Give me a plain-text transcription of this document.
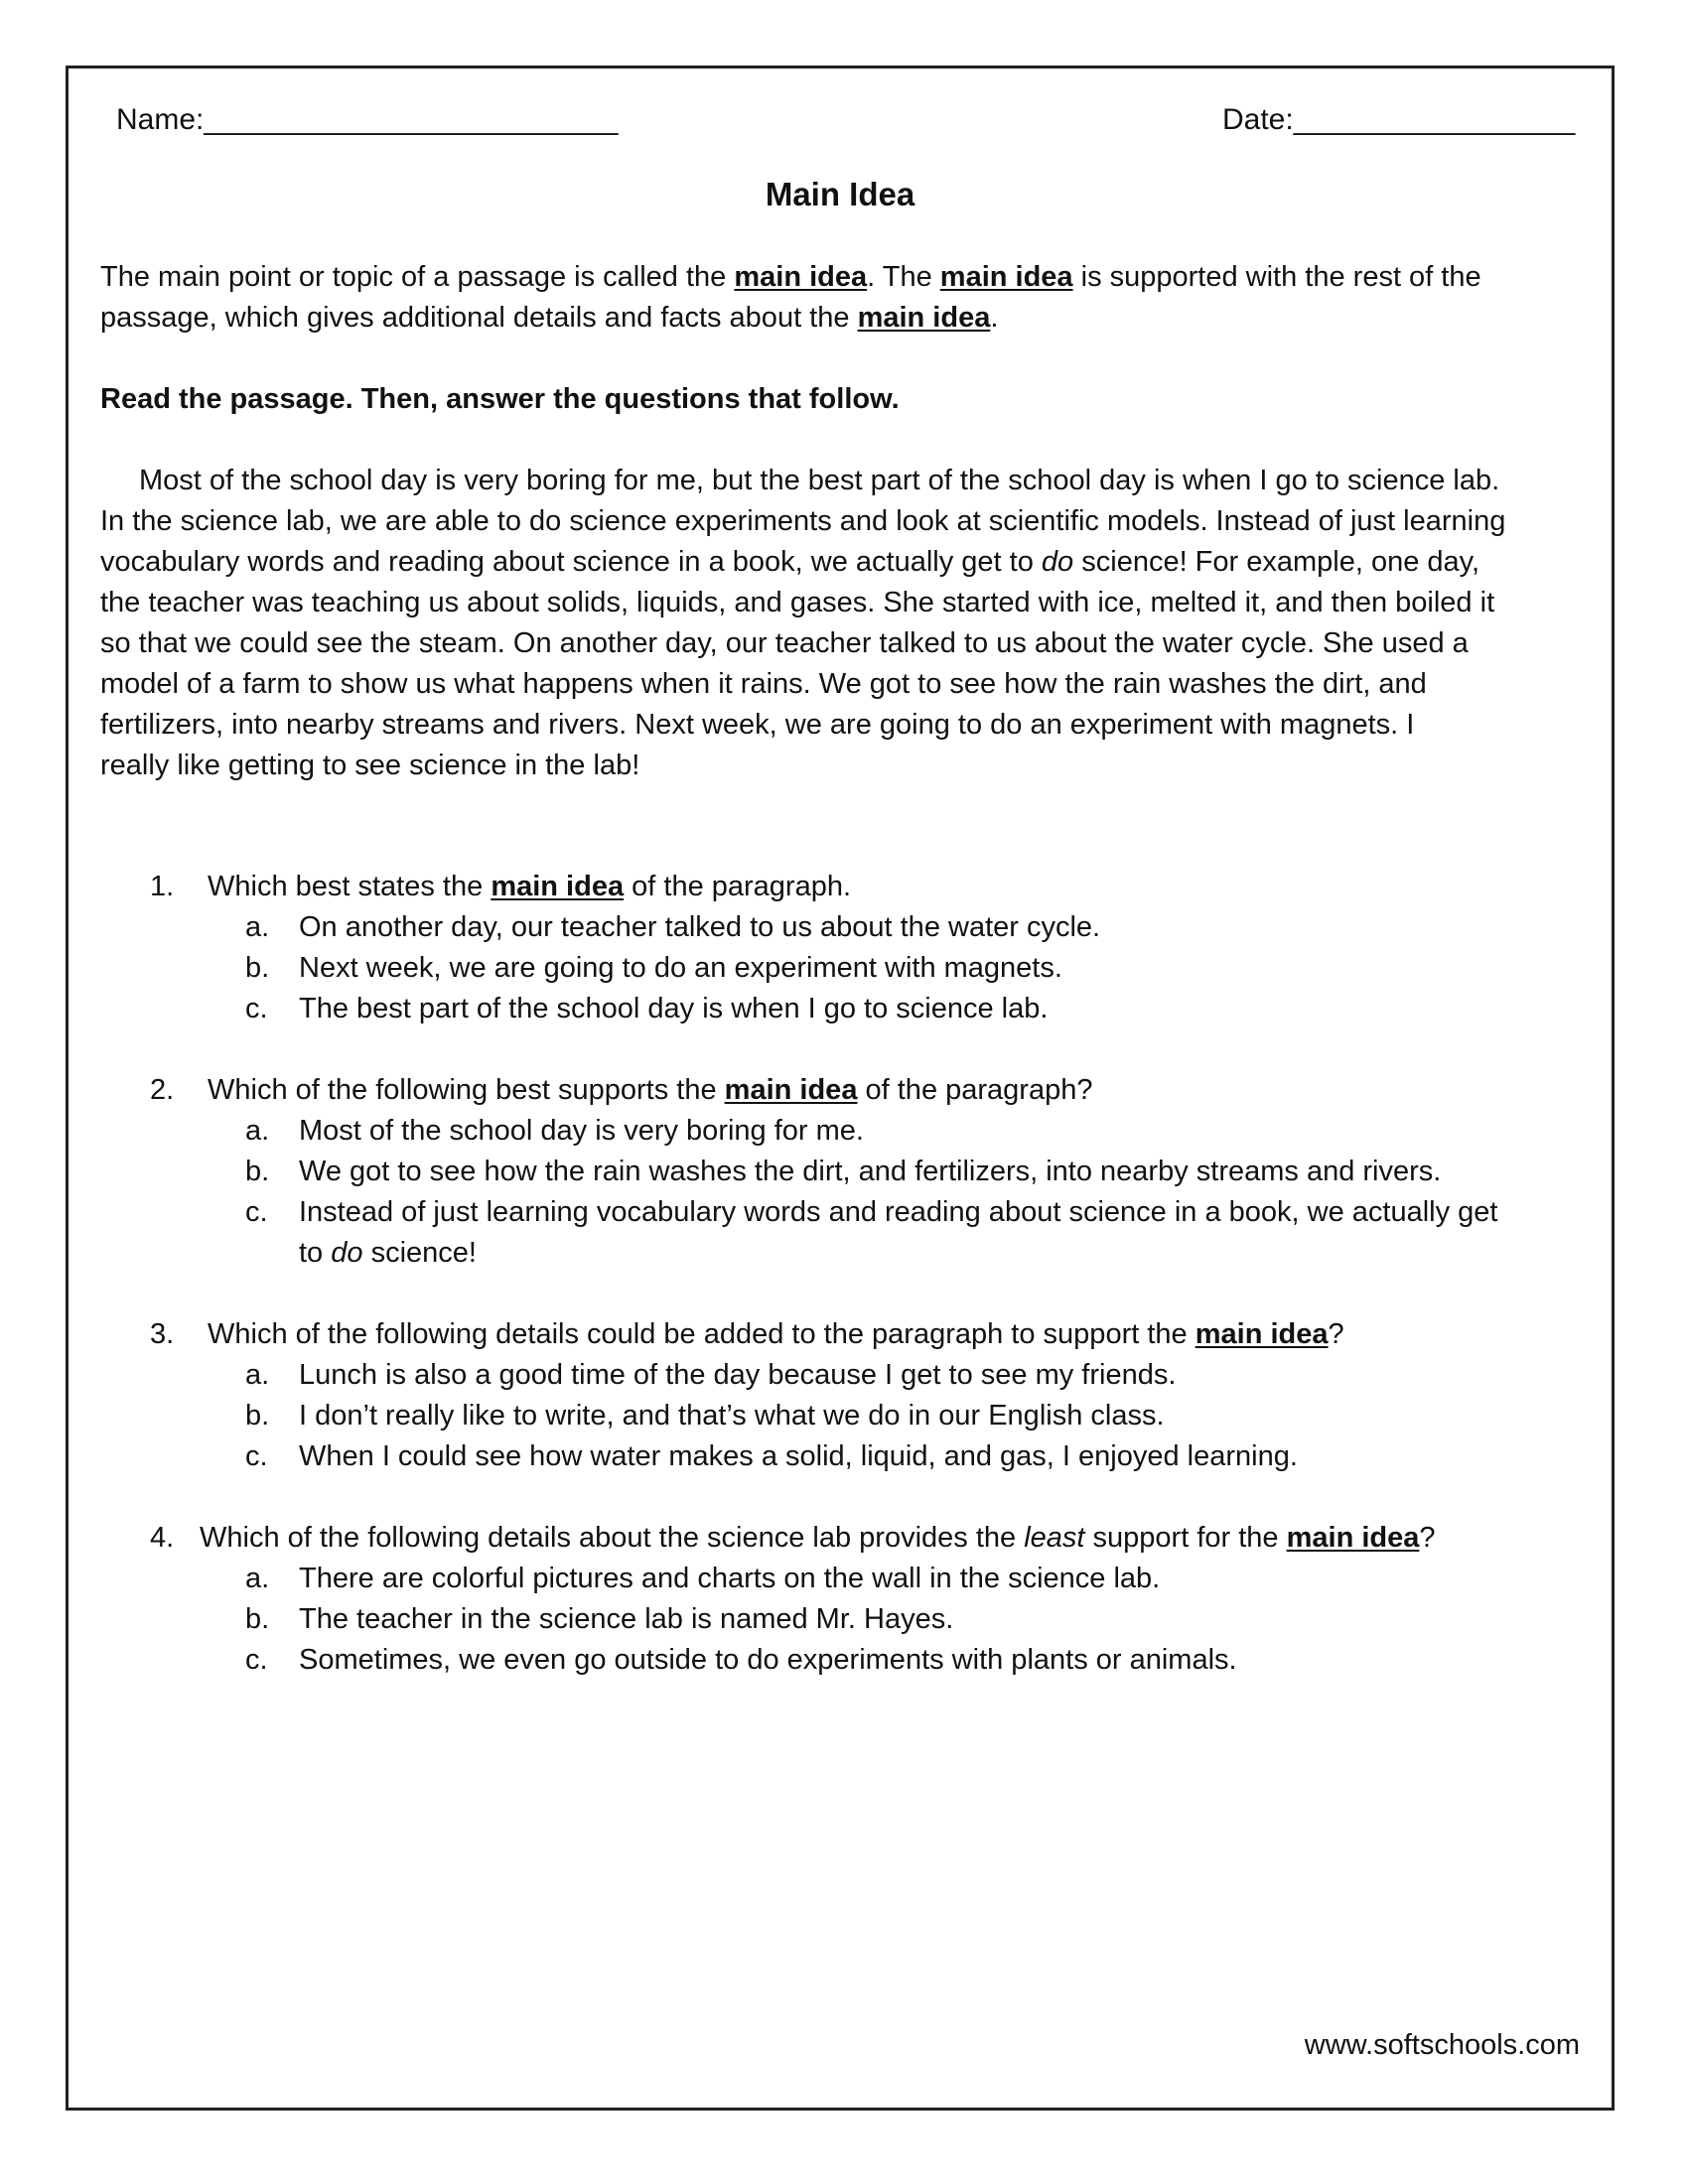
Name:_________________________	Date:_________________
Main Idea
The main point or topic of a passage is called the main idea. The main idea is supported with the rest of the
passage, which gives additional details and facts about the main idea.
Read the passage. Then, answer the questions that follow.
Most of the school day is very boring for me, but the best part of the school day is when I go to science lab.
In the science lab, we are able to do science experiments and look at scientific models. Instead of just learning
vocabulary words and reading about science in a book, we actually get to do science! For example, one day,
the teacher was teaching us about solids, liquids, and gases. She started with ice, melted it, and then boiled it
so that we could see the steam. On another day, our teacher talked to us about the water cycle. She used a
model of a farm to show us what happens when it rains. We got to see how the rain washes the dirt, and
fertilizers, into nearby streams and rivers. Next week, we are going to do an experiment with magnets. I
really like getting to see science in the lab!
1. Which best states the main idea of the paragraph.
a. On another day, our teacher talked to us about the water cycle.
b. Next week, we are going to do an experiment with magnets.
c. The best part of the school day is when I go to science lab.
2. Which of the following best supports the main idea of the paragraph?
a. Most of the school day is very boring for me.
b. We got to see how the rain washes the dirt, and fertilizers, into nearby streams and rivers.
c. Instead of just learning vocabulary words and reading about science in a book, we actually get
to do science!
3. Which of the following details could be added to the paragraph to support the main idea?
a. Lunch is also a good time of the day because I get to see my friends.
b. I don’t really like to write, and that’s what we do in our English class.
c. When I could see how water makes a solid, liquid, and gas, I enjoyed learning.
4. Which of the following details about the science lab provides the least support for the main idea?
a. There are colorful pictures and charts on the wall in the science lab.
b. The teacher in the science lab is named Mr. Hayes.
c. Sometimes, we even go outside to do experiments with plants or animals.
www.softschools.com
